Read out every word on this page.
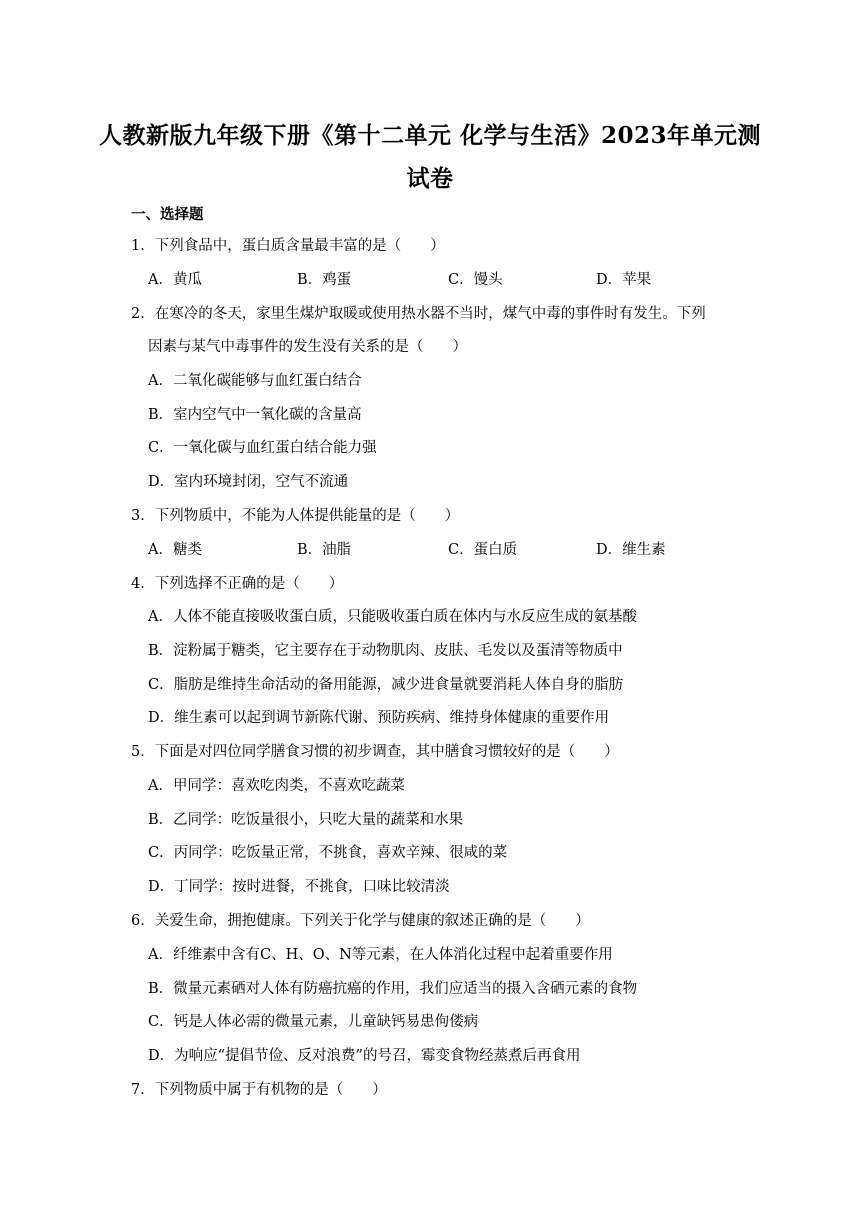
人教新版九年级下册《第十二单元 化学与生活》2023年单元测
试卷
一、选择题
1．下列食品中，蛋白质含量最丰富的是（　　）
A．黄瓜	B．鸡蛋	C．馒头	D．苹果
2．在寒冷的冬天，家里生煤炉取暖或使用热水器不当时，煤气中毒的事件时有发生。下列
因素与某气中毒事件的发生没有关系的是（　　）
A．二氧化碳能够与血红蛋白结合
B．室内空气中一氧化碳的含量高
C．一氧化碳与血红蛋白结合能力强
D．室内环境封闭，空气不流通
3．下列物质中，不能为人体提供能量的是（　　）
A．糖类	B．油脂	C．蛋白质	D．维生素
4．下列选择不正确的是（　　）
A．人体不能直接吸收蛋白质，只能吸收蛋白质在体内与水反应生成的氨基酸
B．淀粉属于糖类，它主要存在于动物肌肉、皮肤、毛发以及蛋清等物质中
C．脂肪是维持生命活动的备用能源，减少进食量就要消耗人体自身的脂肪
D．维生素可以起到调节新陈代谢、预防疾病、维持身体健康的重要作用
5．下面是对四位同学膳食习惯的初步调查，其中膳食习惯较好的是（　　）
A．甲同学：喜欢吃肉类，不喜欢吃蔬菜
B．乙同学：吃饭量很小，只吃大量的蔬菜和水果
C．丙同学：吃饭量正常，不挑食，喜欢辛辣、很咸的菜
D．丁同学：按时进餐，不挑食，口味比较清淡
6．关爱生命，拥抱健康。下列关于化学与健康的叙述正确的是（　　）
A．纤维素中含有C、H、O、N等元素，在人体消化过程中起着重要作用
B．微量元素硒对人体有防癌抗癌的作用，我们应适当的摄入含硒元素的食物
C．钙是人体必需的微量元素，儿童缺钙易患佝偻病
D．为响应“提倡节俭、反对浪费”的号召，霉变食物经蒸煮后再食用
7．下列物质中属于有机物的是（　　）
